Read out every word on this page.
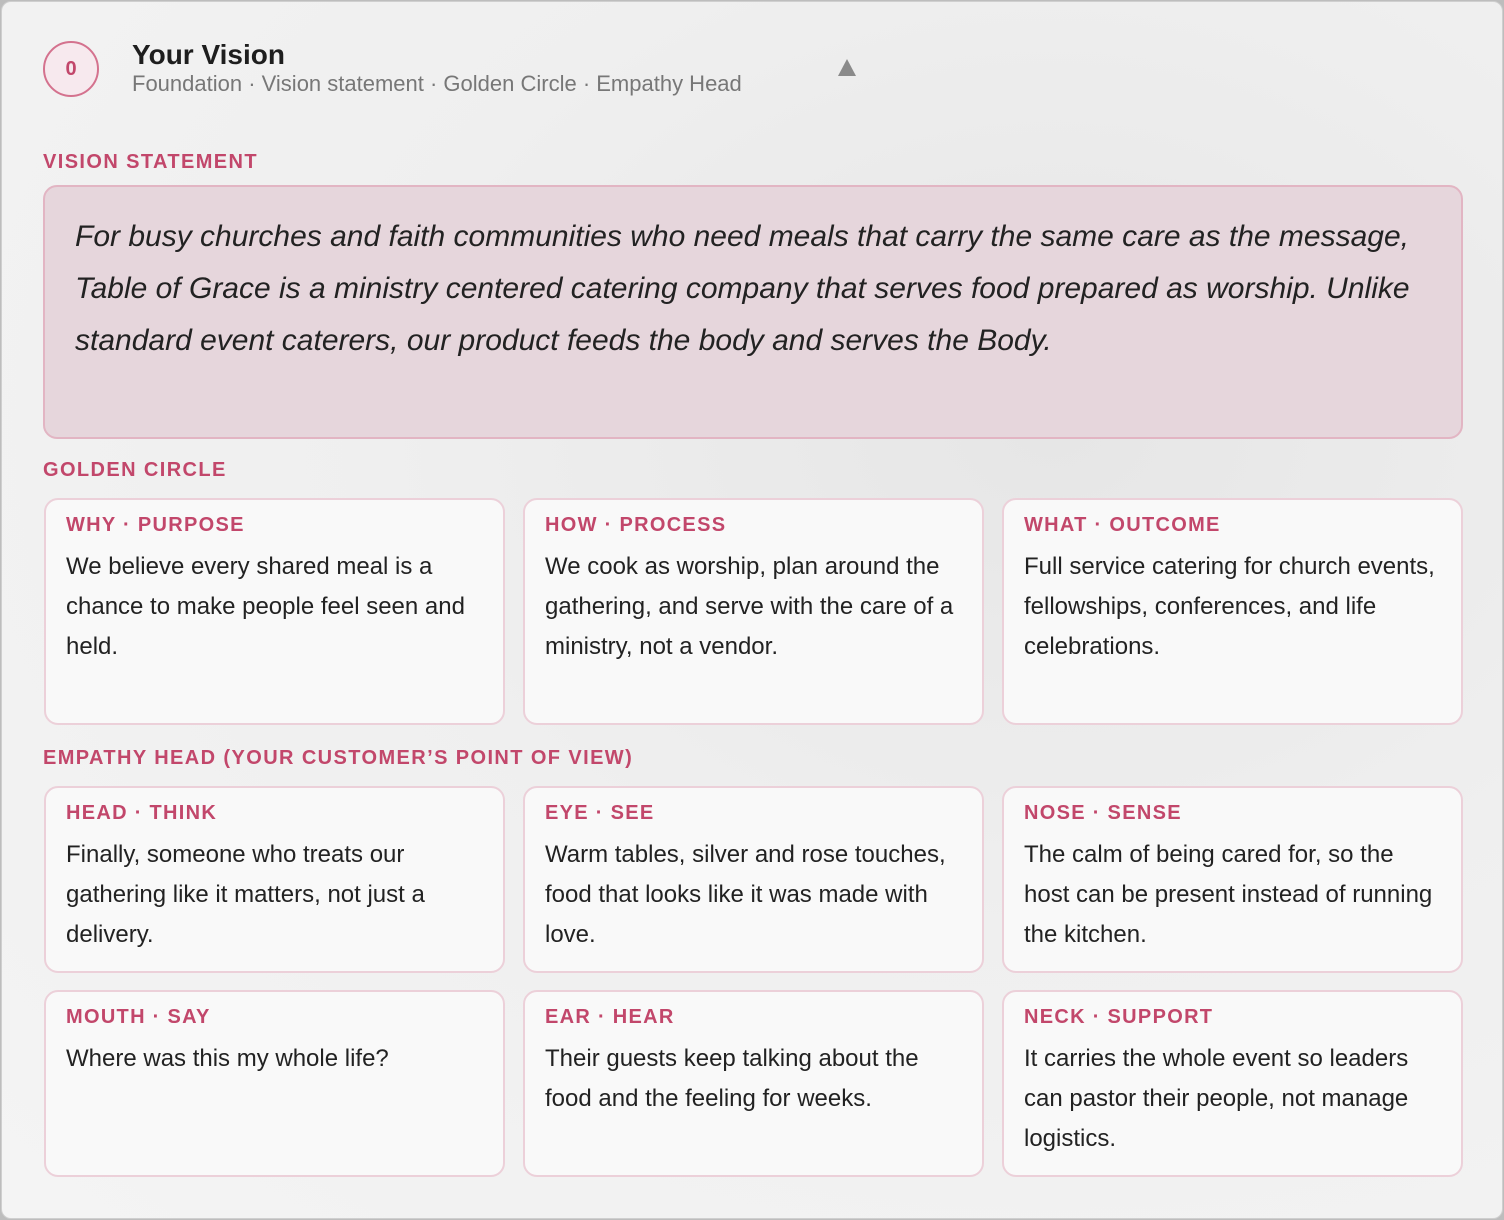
0	Your Vision
Foundation · Vision statement · Golden Circle · Empathy Head
VISION STATEMENT
For busy churches and faith communities who need meals that carry the same care as the message, Table of Grace is a ministry centered catering company that serves food prepared as worship. Unlike standard event caterers, our product feeds the body and serves the Body.
GOLDEN CIRCLE
WHY · PURPOSE
We believe every shared meal is a chance to make people feel seen and held.
HOW · PROCESS
We cook as worship, plan around the gathering, and serve with the care of a ministry, not a vendor.
WHAT · OUTCOME
Full service catering for church events, fellowships, conferences, and life celebrations.
EMPATHY HEAD (YOUR CUSTOMER’S POINT OF VIEW)
HEAD · THINK
Finally, someone who treats our gathering like it matters, not just a delivery.
EYE · SEE
Warm tables, silver and rose touches, food that looks like it was made with love.
NOSE · SENSE
The calm of being cared for, so the host can be present instead of running the kitchen.
MOUTH · SAY
Where was this my whole life?
EAR · HEAR
Their guests keep talking about the food and the feeling for weeks.
NECK · SUPPORT
It carries the whole event so leaders can pastor their people, not manage logistics.
